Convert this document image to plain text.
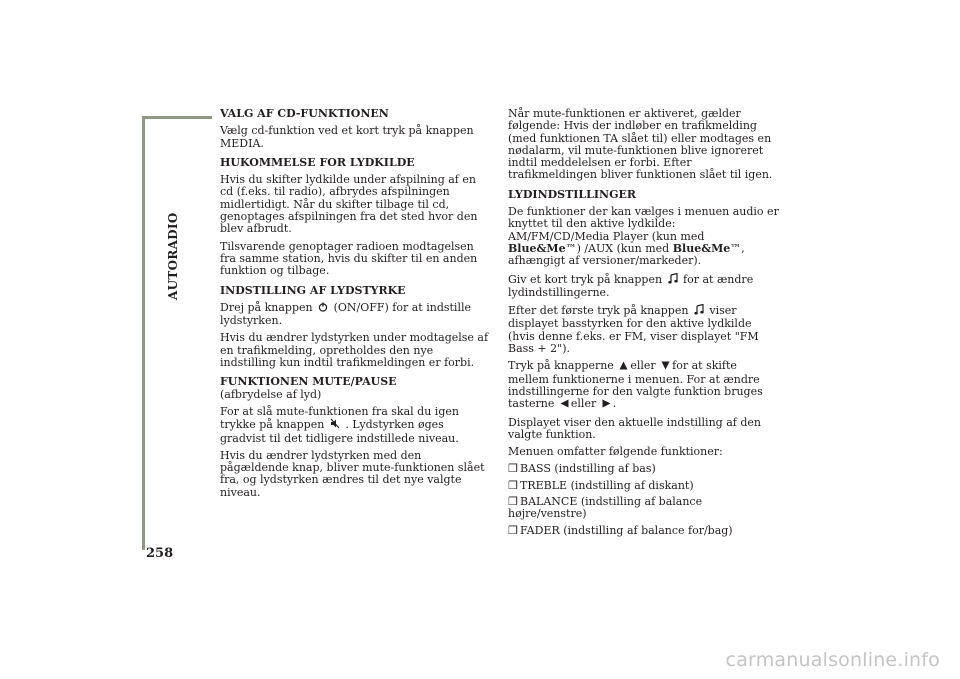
AUTORADIO
258
VALG AF CD-FUNKTIONEN

Vælg cd-funktion ved et kort tryk på knappen MEDIA.

HUKOMMELSE FOR LYDKILDE

Hvis du skifter lydkilde under afspilning af en cd (f.eks. til radio), afbrydes afspilningen midlertidigt. Når du skifter tilbage til cd, genoptages afspilningen fra det sted hvor den blev afbrudt.

Tilsvarende genoptager radioen modtagelsen fra samme station, hvis du skifter til en anden funktion og tilbage.

INDSTILLING AF LYDSTYRKE

Drej på knappen (ON/OFF) for at indstille lydstyrken.

Hvis du ændrer lydstyrken under modtagelse af en trafikmelding, opretholdes den nye indstilling kun indtil trafikmeldingen er forbi.

FUNKTIONEN MUTE/PAUSE

(afbrydelse af lyd)

For at slå mute-funktionen fra skal du igen trykke på knappen . Lydstyrken øges gradvist til det tidligere indstillede niveau.

Hvis du ændrer lydstyrken med den pågældende knap, bliver mute-funktionen slået fra, og lydstyrken ændres til det nye valgte niveau.

Når mute-funktionen er aktiveret, gælder følgende: Hvis der indløber en trafikmelding (med funktionen TA slået til) eller modtages en nødalarm, vil mute-funktionen blive ignoreret indtil meddelelsen er forbi. Efter trafikmeldingen bliver funktionen slået til igen.

LYDINDSTILLINGER

De funktioner der kan vælges i menuen audio er knyttet til den aktive lydkilde: AM/FM/CD/Media Player (kun med Blue&Me™) /AUX (kun med Blue&Me™, afhængigt af versioner/markeder).

Giv et kort tryk på knappen for at ændre lydindstillingerne.

Efter det første tryk på knappen viser displayet basstyrken for den aktive lydkilde (hvis denne f.eks. er FM, viser displayet "FM Bass + 2").

Tryk på knapperne eller for at skifte mellem funktionerne i menuen. For at ændre indstillingerne for den valgte funktion bruges tasterne eller .

Displayet viser den aktuelle indstilling af den valgte funktion.

Menuen omfatter følgende funktioner:

❒ BASS (indstilling af bas)
❒ TREBLE (indstilling af diskant)
❒ BALANCE (indstilling af balance højre/venstre)
❒ FADER (indstilling af balance for/bag)
carmanualsonline.info
